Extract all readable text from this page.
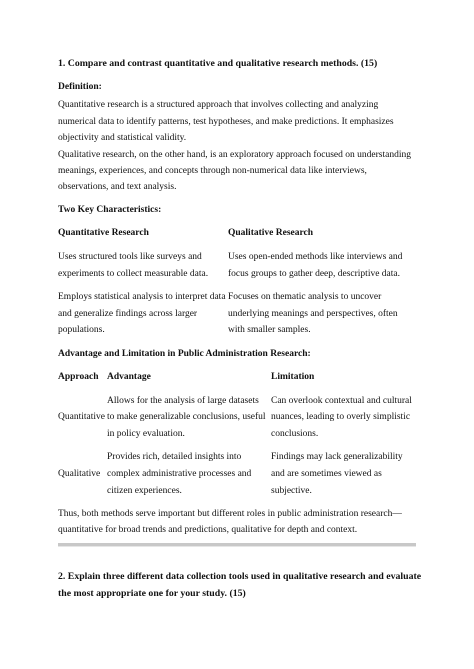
1. Compare and contrast quantitative and qualitative research methods. (15)
Definition:
Quantitative research is a structured approach that involves collecting and analyzing
numerical data to identify patterns, test hypotheses, and make predictions. It emphasizes
objectivity and statistical validity.
Qualitative research, on the other hand, is an exploratory approach focused on understanding
meanings, experiences, and concepts through non-numerical data like interviews,
observations, and text analysis.
Two Key Characteristics:
Quantitative Research	Qualitative Research
Uses structured tools like surveys and
experiments to collect measurable data.
Uses open-ended methods like interviews and
focus groups to gather deep, descriptive data.
Employs statistical analysis to interpret data
and generalize findings across larger
populations.
Focuses on thematic analysis to uncover
underlying meanings and perspectives, often
with smaller samples.
Advantage and Limitation in Public Administration Research:
Approach Advantage	Limitation
Quantitative
Allows for the analysis of large datasets
to make generalizable conclusions, useful
in policy evaluation.
Can overlook contextual and cultural
nuances, leading to overly simplistic
conclusions.
Qualitative
Provides rich, detailed insights into
complex administrative processes and
citizen experiences.
Findings may lack generalizability
and are sometimes viewed as
subjective.
Thus, both methods serve important but different roles in public administration research—
quantitative for broad trends and predictions, qualitative for depth and context.
2. Explain three different data collection tools used in qualitative research and evaluate
the most appropriate one for your study. (15)
